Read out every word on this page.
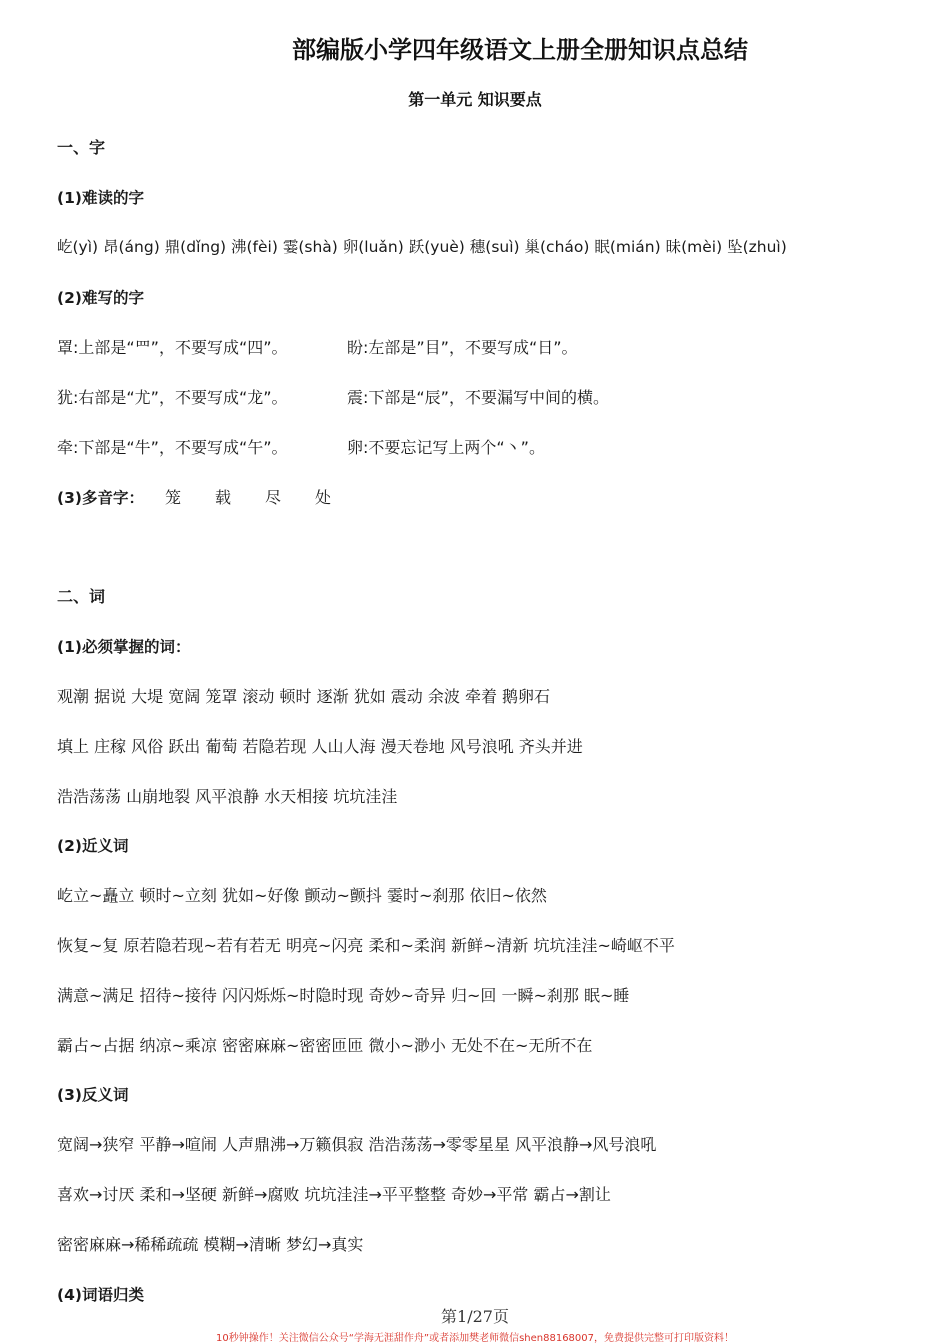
部编版小学四年级语文上册全册知识点总结
第一单元 知识要点
一、字
(1)难读的字
屹(yì) 昂(áng) 鼎(dǐng) 沸(fèi) 霎(shà) 卵(luǎn) 跃(yuè) 穗(suì) 巢(cháo) 眠(mián) 昧(mèi) 坠(zhuì)
(2)难写的字
罩:上部是“罒”，不要写成“四”。	盼:左部是”目”，不要写成“日”。
犹:右部是“尤”，不要写成“龙”。	震:下部是“辰”，不要漏写中间的横。
牵:下部是“牛”，不要写成“午”。	卵:不要忘记写上两个“丶”。
(3)多音字： 笼 载 尽 处
二、词
(1)必须掌握的词：
观潮 据说 大堤 宽阔 笼罩 滚动 顿时 逐渐 犹如 震动 余波 牵着 鹅卵石
填上 庄稼 风俗 跃出 葡萄 若隐若现 人山人海 漫天卷地 风号浪吼 齐头并进
浩浩荡荡 山崩地裂 风平浪静 水天相接 坑坑洼洼
(2)近义词
屹立~矗立 顿时~立刻 犹如~好像 颤动~颤抖 霎时~刹那 依旧~依然
恢复~复 原若隐若现~若有若无 明亮~闪亮 柔和~柔润 新鲜~清新 坑坑洼洼~崎岖不平
满意~满足 招待~接待 闪闪烁烁~时隐时现 奇妙~奇异 归~回 一瞬~刹那 眠~睡
霸占~占据 纳凉~乘凉 密密麻麻~密密匝匝 微小~渺小 无处不在~无所不在
(3)反义词
宽阔→狭窄 平静→喧闹 人声鼎沸→万籁俱寂 浩浩荡荡→零零星星 风平浪静→风号浪吼
喜欢→讨厌 柔和→坚硬 新鲜→腐败 坑坑洼洼→平平整整 奇妙→平常 霸占→割让
密密麻麻→稀稀疏疏 模糊→清晰 梦幻→真实
(4)词语归类
第1/27页
10秒钟操作！关注微信公众号“学海无涯甜作舟”或者添加樊老师微信shen88168007，免费提供完整可打印版资料！
